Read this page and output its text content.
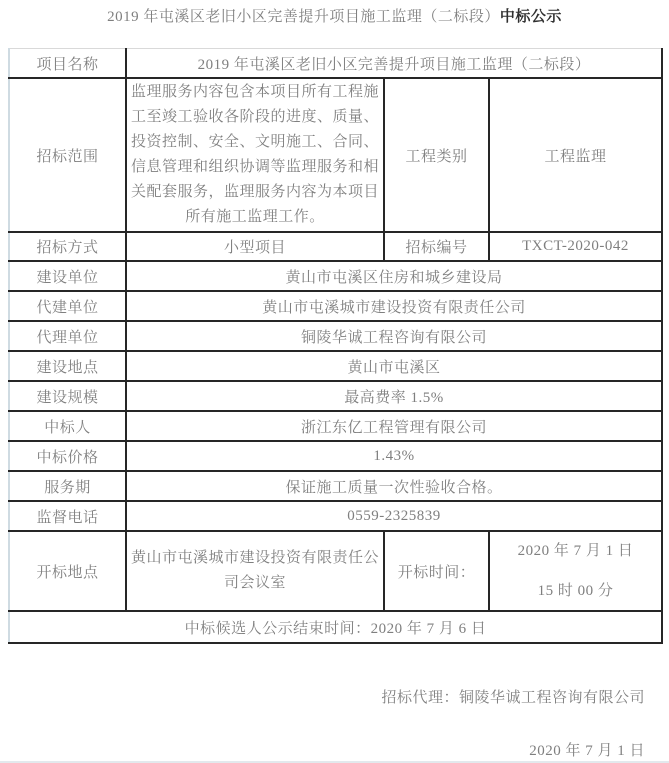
2019 年屯溪区老旧小区完善提升项目施工监理（二标段）中标公示
项目名称	2019 年屯溪区老旧小区完善提升项目施工监理（二标段）		
招标范围	监理服务内容包含本项目所有工程施工至竣工验收各阶段的进度、质量、投资控制、安全、文明施工、合同、信息管理和组织协调等监理服务和相关配套服务，监理服务内容为本项目所有施工监理工作。	工程类别	工程监理
招标方式	小型项目	招标编号	TXCT-2020-042
建设单位	黄山市屯溪区住房和城乡建设局		
代建单位	黄山市屯溪城市建设投资有限责任公司		
代理单位	铜陵华诚工程咨询有限公司		
建设地点	黄山市屯溪区		
建设规模	最高费率 1.5%		
中标人	浙江东亿工程管理有限公司		
中标价格	1.43%		
服务期	保证施工质量一次性验收合格。		
监督电话	0559-2325839		
开标地点	黄山市屯溪城市建设投资有限责任公司会议室	开标时间：	2020 年 7 月 1 日
15 时 00 分

中标候选人公示结束时间：2020 年 7 月 6 日			
招标代理：铜陵华诚工程咨询有限公司
2020 年 7 月 1 日
